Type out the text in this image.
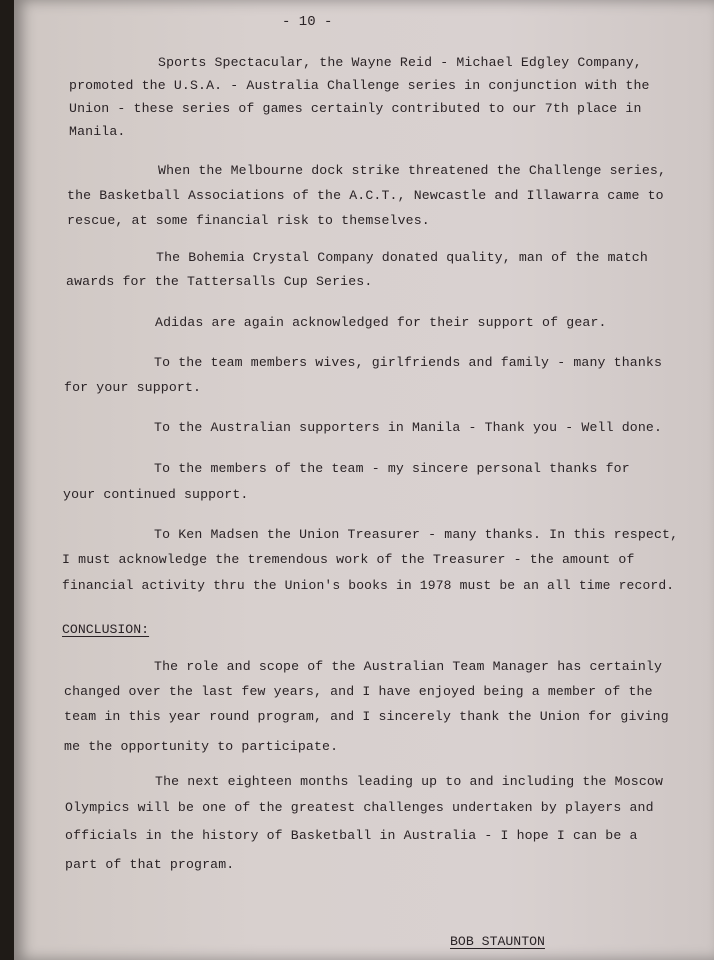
- 10 -
Sports Spectacular, the Wayne Reid - Michael Edgley Company,
promoted the U.S.A. - Australia Challenge series in conjunction with the
Union - these series of games certainly contributed to our 7th place in
Manila.
When the Melbourne dock strike threatened the Challenge series,
the Basketball Associations of the A.C.T., Newcastle and Illawarra came to
rescue, at some financial risk to themselves.
The Bohemia Crystal Company donated quality, man of the match
awards for the Tattersalls Cup Series.
Adidas are again acknowledged for their support of gear.
To the team members wives, girlfriends and family - many thanks
for your support.
To the Australian supporters in Manila - Thank you - Well done.
To the members of the team - my sincere personal thanks for
your continued support.
To Ken Madsen the Union Treasurer - many thanks. In this respect,
I must acknowledge the tremendous work of the Treasurer - the amount of
financial activity thru the Union's books in 1978 must be an all time record.
CONCLUSION:
The role and scope of the Australian Team Manager has certainly
changed over the last few years, and I have enjoyed being a member of the
team in this year round program, and I sincerely thank the Union for giving
me the opportunity to participate.
The next eighteen months leading up to and including the Moscow
Olympics will be one of the greatest challenges undertaken by players and
officials in the history of Basketball in Australia - I hope I can be a
part of that program.
BOB STAUNTON
